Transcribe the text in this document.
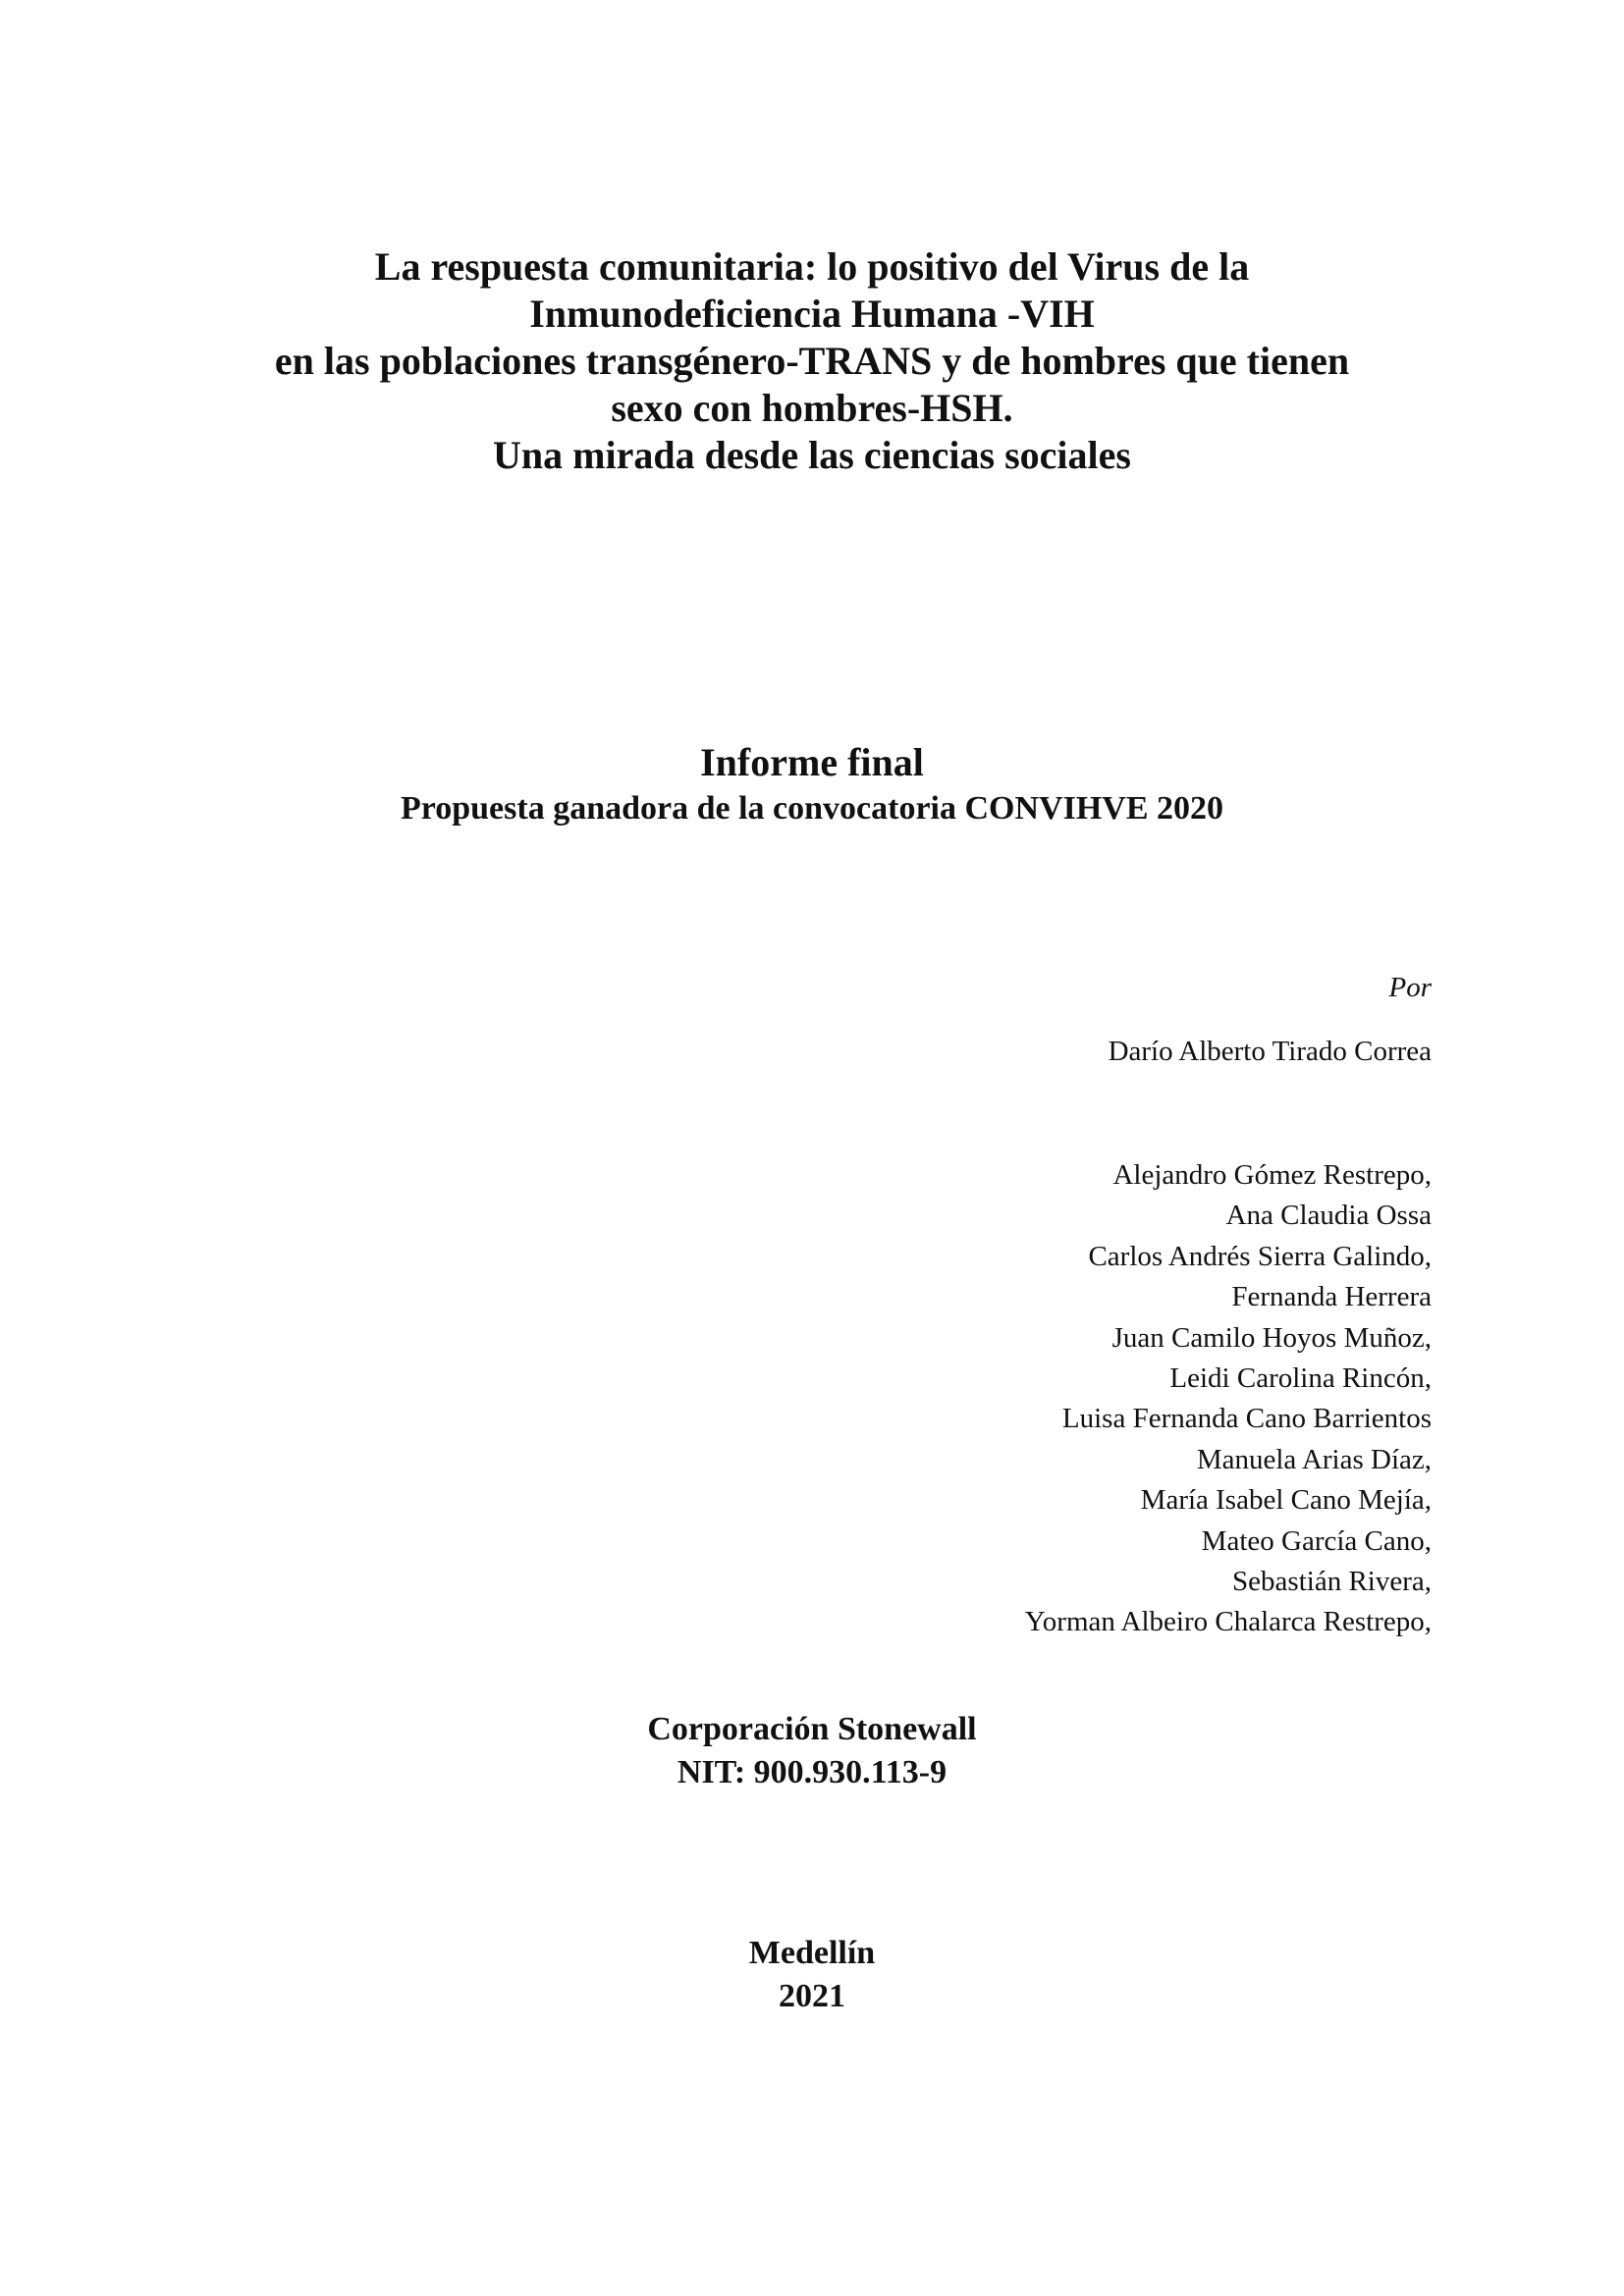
La respuesta comunitaria: lo positivo del Virus de la
Inmunodeficiencia Humana -VIH
en las poblaciones transgénero-TRANS y de hombres que tienen
sexo con hombres-HSH.
Una mirada desde las ciencias sociales
Informe final
Propuesta ganadora de la convocatoria CONVIHVE 2020
Por
Darío Alberto Tirado Correa
Alejandro Gómez Restrepo,
Ana Claudia Ossa
Carlos Andrés Sierra Galindo,
Fernanda Herrera
Juan Camilo Hoyos Muñoz,
Leidi Carolina Rincón,
Luisa Fernanda Cano Barrientos
Manuela Arias Díaz,
María Isabel Cano Mejía,
Mateo García Cano,
Sebastián Rivera,
Yorman Albeiro Chalarca Restrepo,
Corporación Stonewall
NIT: 900.930.113-9
Medellín
2021
